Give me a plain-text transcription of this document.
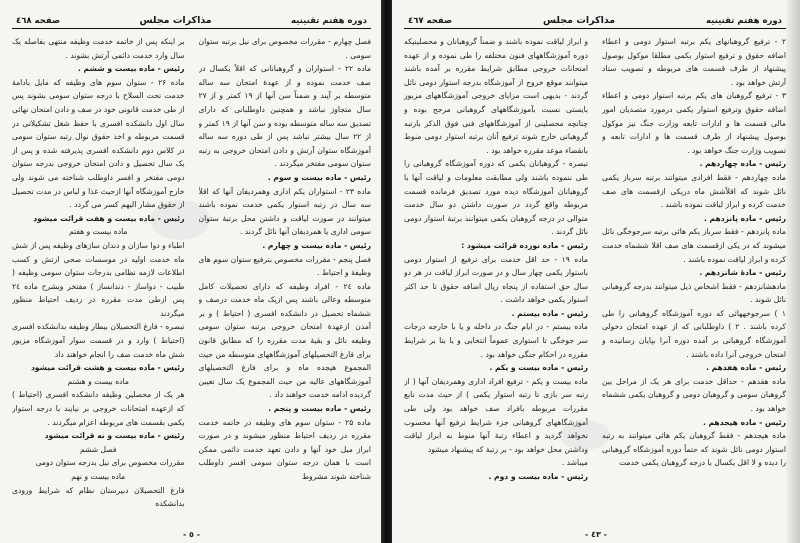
صفحه ٤٦٨	مذاکرات مجلس	دوره هفتم تقنینیه

فصل چهارم - مقررات مخصوص برای نیل برتبه ستوان سومی .

ماده ۲۲ - استواران و گروهبانانی که اقلاً یکسال در صف خدمت نموده و از عهدهٔ امتحان سه ساله متوسطه بر آیند و ضمناً سن آنها از ۱۹ کمتر و از ۲۷ سال متجاوز نباشد و همچنین داوطلبانی که دارای تصدیق سه ساله متوسطه بوده و سن آنها از ۱۹ کمتر و از ۲۲ سال بیشتر نباشد پس از طی دوره سه ساله آموزشگاه ستوان آرتش و دادن امتحان خروجی به رتبه ستوان سومی مفتخر میگردند .

رئیس - ماده بیست و سوم .

ماده ۲۳ - استواران یکم اداری وهمردیفان آنها که اقلاً سه سال در رتبه استوار یکمی خدمت نموده باشند میتوانند در صورت لیاقت و داشتن محل برتبهٔ ستوان سومی اداری یا همردیفان آنها نائل گردند .

رئیس - ماده بیست و چهارم .

فصل پنجم - مقررات مخصوص بترفیع ستوان سوم های وظیفهٔ و احتیاط .

ماده ۲٤ - افراد وظیفه که دارای تحصیلات کامل متوسطه وعالی باشند پس ازیک ماه خدمت درصف و ششماه تحصیل در دانشکده افسری ( احتیاط ) و بر آمدن ازعهدهٔ امتحان خروجی برتبه ستوان سومی وظیفه نائل و بقیهٔ مدت مقرره را که مطابق قانون برای فارغ التحصیلهای آموزشگاههای متوسطه من حیث المجموع هیجده ماه و برای فارغ التحصیلهای آموزشگاههای عالیه من حیث المجموع یک سال تعیین گردیده ادامه خدمت خواهند داد .

رئیس - ماده بیست و پنجم .

ماده ۲۵ - ستوان سوم های وظیفه در خاتمه خدمت مقرره در ردیف احتیاط منظور میشوند و در صورت ابراز میل خود آنها و دادن تعهد خدمت دائمی ممکن است با همان درجه ستوان سومی افسر داوطلب شناخته شوند مشروط

بر اینکه پس از خاتمه خدمت وظیفه منتهی بفاصله یک سال وارد خدمت دائمی آرتش بشوند .

رئیس - ماده بیست و ششم .

ماده ۲۶ - ستوان سوم های وظیفه که مایل بادامهٔ خدمت تحت السلاح با درجه ستوان سومی بشوند پس از طی خدمت قانونی خود در صف و دادن امتحان نهائی سال اول دانشکده افسری با حفظ شغل تشکیلاتی در قسمت مربوطه و اخذ حقوق نوال رتبه ستوان سومی در کلاس دوم دانشکده افسری پذیرفته شده و پس از یک سال تحصیل و دادن امتحان خروجی بدرجه ستوان دومی مفتخر و افسر داوطلب شناخته می شوند ولی خارج آموزشگاه آنها ازحیث غذا و لباس در مدت تحصیل از حقوق مشار الیهم کسر می گردد .

رئیس - ماده بیست و هفت قرائت میشود

ماده بیست و هفتم

اطباء و دوا سازان و دندان سازهای وظیفه پس از شش ماه خدمت اولیه در موسسات صحی ارتش و کسب اطلاعات لازمه نظامی بدرجات ستوان سومی وظیفه ( طبیب - دواساز - دندانساز ) مفتخر وبشرح ماده ۲٤ پس ازطی مدت مقرره در ردیف احتیاط منظور میگردند

تبصره - فارغ التحصیلان بیطار وظیفه بدانشکده افسری (احتیاط ) وارد و در قسمت سوار آموزشگاه مزبور شش ماه خدمت صف را انجام خواهند داد

رئیس - ماده بیست و هشت قرائت میشود

ماده بیست و هشتم

هر یک از محصلین وظیفه دانشکده افسری (احتیاط ) که ازعهده امتحانات خروجی بر نیایند با درجه استوار یکمی بقسمت های مربوطه اعزام میگردند .

رئیس - ماده بیست و نه قرائت میشود

فصل ششم

مقررات مخصوص برای نیل بدرجه ستوان دومی

ماده بیست و نهم

فارغ التحصیلان دبیرستان نظام که شرایط ورودی بدانشکده

- ٥ -
صفحه ٤٦٧	مذاکرات مجلس	دوره هفتم تقنینیه

۲ - ترفیع گروهبانهای یکم برتبه استوار دومی و اعطاء اضافه حقوق و ترفیع استوار یکمی مطلقا موکول بوصول پیشنهاد از طرف قسمت های مربوطه و تصویب ستاد آرتش خواهد بود .

۳ - ترفیع گروهبان های یکم برتبه استوار دومی و اعطاء اضافه حقوق وترفیع استوار یکمی درمورد متصدیان امور مالی قسمت ها و ادارات تابعه وزارت جنگ نیز موکول بوصول پیشنهاد از طرف قسمت ها و ادارات تابعه و تصویب وزارت جنگ خواهد بود .

رئیس - ماده چهاردهم .

ماده چهاردهم - فقط افرادی میتوانند برتبه سرباز یکمی نائل شوند که اقلاًشش ماه دریکی ازقسمت های صف خدمت کرده و ابراز لیاقت نموده باشند .

رئیس - ماده پانزدهم .

ماده پانزدهم - فقط سرباز یکم هائی برتبه سرجوخگی نائل میشوند که در یکی ازقسمت های صف اقلا ششماه خدمت کرده و ابراز لیاقت نموده باشند .

رئیس - مادهٔ شانزدهم .

مادهشانزدهم - فقط اشخاص ذیل میتوانند بدرجه گروهبانی نائل شوند .

۱ ) سرجوخههائی که دوره آموزشگاه گروهبانی را طی کرده باشند . ۲ ) داوطلبانی که از عهده امتحان دخولی آموزشگاه گروهبانی بر آمده دوره آنرا بپایان رسانیده و امتحان خروجی آنرا داده باشند .

رئیس - ماده هفدهم .

ماده هفدهم - حداقل خدمت برای هر یک از مراحل بین گروهبان سومی و گروهبان دومی و گروهبان یکمی ششماه خواهد بود .

رئیس - ماده هیجدهم .

ماده هیجدهم - فقط گروهبان یکم هائی میتوانند به رتبه استوار دومی نائل شوند که حتماً دوره آموزشگاه گروهبانی را دیده و لا اقل یکسال با درجه گروهبان یکمی خدمت

و ابراز لیاقت نموده باشند و ضمناً گروهبانان و محصلینیکه دوره آموزشگاههای فنون مختلفه را طی نموده و از عهده امتحانات خروجی مطابق شرایط مقرره بر آمده باشند میتوانند موقع خروج از آموزشگاه بدرجه استوار دومی نائل گردند - بدیهی است مزایای خروجی آموزشگاههای مزبور بایستی نسبت بآموزشگاههای گروهبانی مرجح بوده و چنانچه محصلینی از آموزشگاههای فنی فوق الذکر بارتبه گروهبانی خارج شوند ترفیع آنان برتبه استوار دومی منوط بانقضاء موعد مقرره خواهد بود .

تبصره - گروهبانان یکمی که دوره آموزشگاه گروهبانی را طی ننموده باشند ولی مطابقت معلومات و لیاقت آنها با گروهبانان آموزشگاه دیده مورد تصدیق فرمانده قسمت مربوطه واقع گردد در صورت داشتن دو سال خدمت متوالی در درجه گروهبان یکمی میتوانند برتبهٔ استوار دومی نائل گردند .

رئیس - ماده نوزده قرائت میشود :

ماده ۱۹ - حد اقل خدمت برای ترفیع از استوار دومی باستوار یکمی چهار سال و در صورت ابراز لیاقت در هر دو سال حق استفاده از پنجاه ریال اضافه حقوق تا حد اکثر استوار یکمی خواهد داشت .

رئیس - ماده بیستم .

ماده بیستم - در ایام جنگ در داخله و یا با خارجه درجات سر جوخگی تا استواری عموماً انتخابی و یا بنا بر شرایط مقرره در احکام جنگی خواهد بود .

رئیس - ماده بیست و یکم .

ماده بیست و یکم - ترفیع افراد اداری وهمردیفان آنها ( از رتبه سر بازی تا رتبه استوار یکمی ) از حیث مدت تابع مقررات مربوطه بافراد صف خواهد بود ولی طی آموزشگاههای گروهبانی جزء شرایط ترفیع آنها محسوب نخواهد گردید و اعطاء رتبهٔ آنها منوط به ابراز لیاقت وداشتن محل خواهد بود - بر رتبهٔ که پیشنهاد میشود

میباشد .

رئیس - ماده بیست و دوم .

- ٤٣ -
